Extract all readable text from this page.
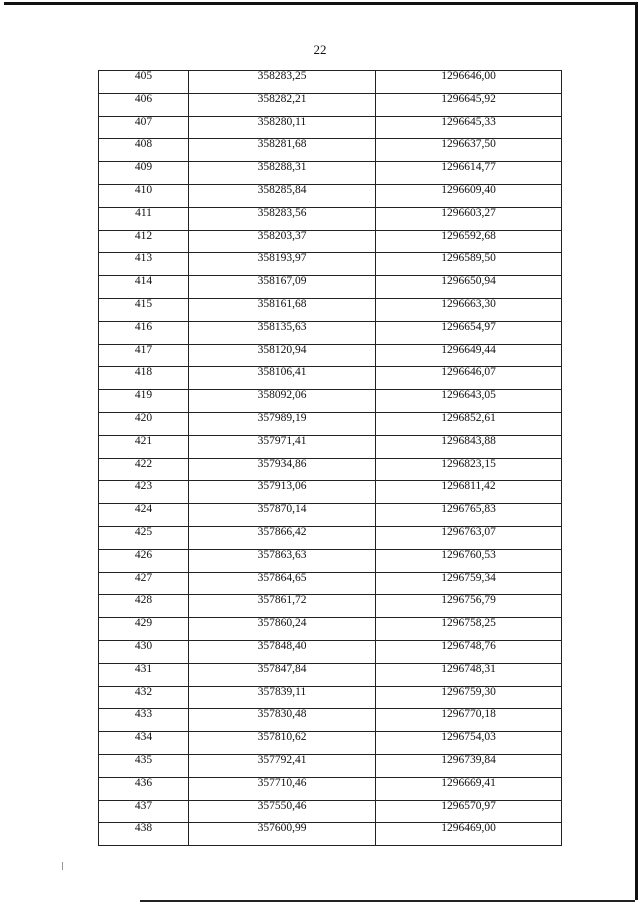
22
405	358283,25	1296646,00
406	358282,21	1296645,92
407	358280,11	1296645,33
408	358281,68	1296637,50
409	358288,31	1296614,77
410	358285,84	1296609,40
411	358283,56	1296603,27
412	358203,37	1296592,68
413	358193,97	1296589,50
414	358167,09	1296650,94
415	358161,68	1296663,30
416	358135,63	1296654,97
417	358120,94	1296649,44
418	358106,41	1296646,07
419	358092,06	1296643,05
420	357989,19	1296852,61
421	357971,41	1296843,88
422	357934,86	1296823,15
423	357913,06	1296811,42
424	357870,14	1296765,83
425	357866,42	1296763,07
426	357863,63	1296760,53
427	357864,65	1296759,34
428	357861,72	1296756,79
429	357860,24	1296758,25
430	357848,40	1296748,76
431	357847,84	1296748,31
432	357839,11	1296759,30
433	357830,48	1296770,18
434	357810,62	1296754,03
435	357792,41	1296739,84
436	357710,46	1296669,41
437	357550,46	1296570,97
438	357600,99	1296469,00
